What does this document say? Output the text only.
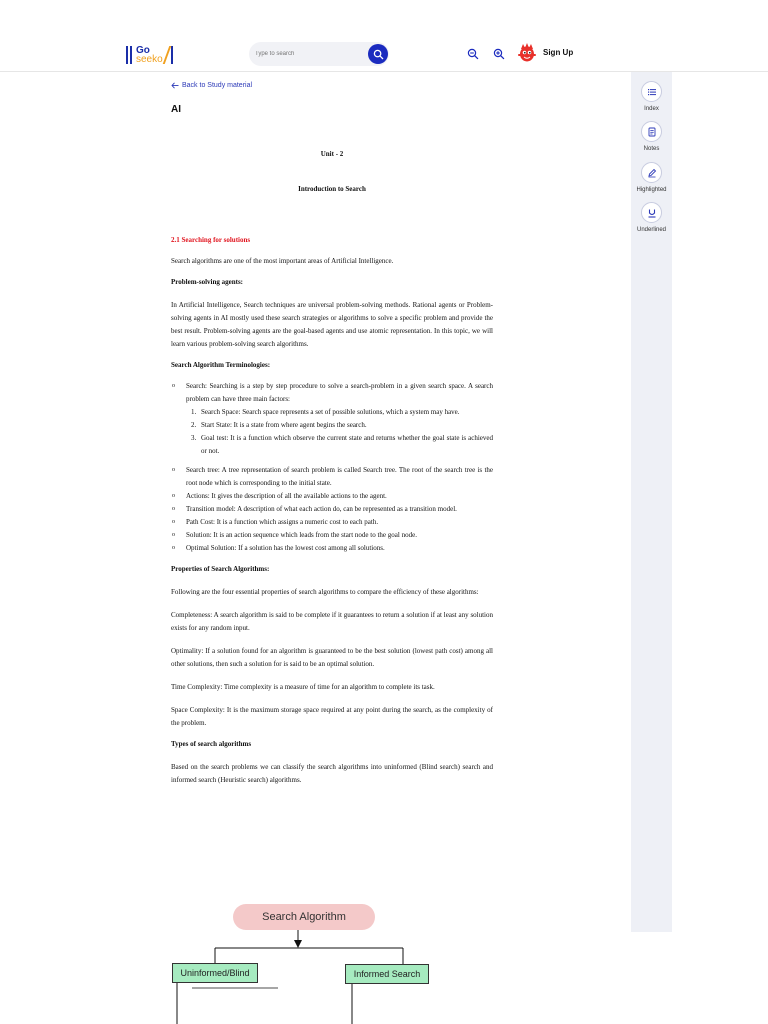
Go
seeko
Type to search
Sign Up
Index
Notes
Highlighted
Underlined
Back to Study material
AI
Unit - 2
Introduction to Search
2.1 Searching for solutions

Search algorithms are one of the most important areas of Artificial Intelligence.

Problem-solving agents:

In Artificial Intelligence, Search techniques are universal problem-solving methods. Rational agents or Problem-solving agents in AI mostly used these search strategies or algorithms to solve a specific problem and provide the best result. Problem-solving agents are the goal-based agents and use atomic representation. In this topic, we will learn various problem-solving search algorithms.

Search Algorithm Terminologies:

o Search: Searching is a step by step procedure to solve a search-problem in a given search space. A search problem can have three main factors:
1. Search Space: Search space represents a set of possible solutions, which a system may have.
2. Start State: It is a state from where agent begins the search.
3. Goal test: It is a function which observe the current state and returns whether the goal state is achieved or not.
o Search tree: A tree representation of search problem is called Search tree. The root of the search tree is the root node which is corresponding to the initial state.
o Actions: It gives the description of all the available actions to the agent.
o Transition model: A description of what each action do, can be represented as a transition model.
o Path Cost: It is a function which assigns a numeric cost to each path.
o Solution: It is an action sequence which leads from the start node to the goal node.
o Optimal Solution: If a solution has the lowest cost among all solutions.

Properties of Search Algorithms:

Following are the four essential properties of search algorithms to compare the efficiency of these algorithms:

Completeness: A search algorithm is said to be complete if it guarantees to return a solution if at least any solution exists for any random input.

Optimality: If a solution found for an algorithm is guaranteed to be the best solution (lowest path cost) among all other solutions, then such a solution for is said to be an optimal solution.

Time Complexity: Time complexity is a measure of time for an algorithm to complete its task.

Space Complexity: It is the maximum storage space required at any point during the search, as the complexity of the problem.

Types of search algorithms

Based on the search problems we can classify the search algorithms into uninformed (Blind search) search and informed search (Heuristic search) algorithms.

Search Algorithm
Uninformed/Blind	Informed Search
